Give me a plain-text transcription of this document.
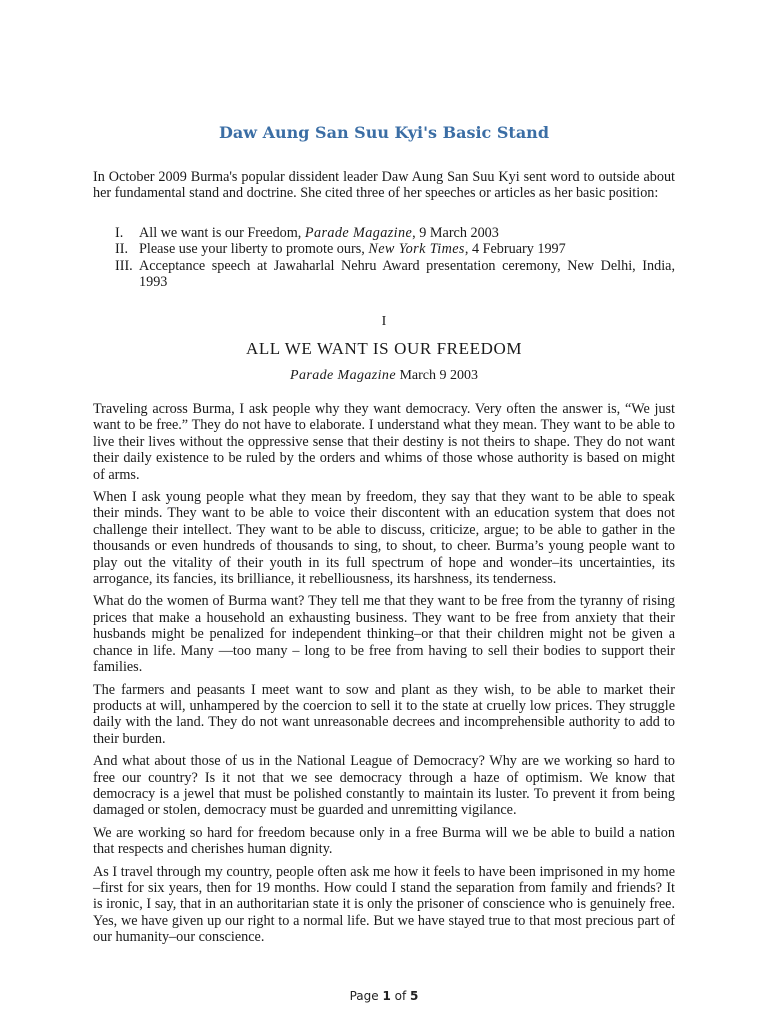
Daw Aung San Suu Kyi's Basic Stand
In October 2009 Burma's popular dissident leader Daw Aung San Suu Kyi sent word to outside about her fundamental stand and doctrine. She cited three of her speeches or articles as her basic position:
I.	All we want is our Freedom, Parade Magazine, 9 March 2003
II. Please use your liberty to promote ours, New York Times, 4 February 1997
III. Acceptance speech at Jawaharlal Nehru Award presentation ceremony, New Delhi, India, 1993
I
ALL WE WANT IS OUR FREEDOM
Parade Magazine March 9 2003

Traveling across Burma, I ask people why they want democracy. Very often the answer is, “We just want to be free.” They do not have to elaborate. I understand what they mean. They want to be able to live their lives without the oppressive sense that their destiny is not theirs to shape. They do not want their daily existence to be ruled by the orders and whims of those whose authority is based on might of arms.

When I ask young people what they mean by freedom, they say that they want to be able to speak their minds. They want to be able to voice their discontent with an education system that does not challenge their intellect. They want to be able to discuss, criticize, argue; to be able to gather in the thousands or even hundreds of thousands to sing, to shout, to cheer. Burma’s young people want to play out the vitality of their youth in its full spectrum of hope and wonder–its uncertainties, its arrogance, its fancies, its brilliance, it rebelliousness, its harshness, its tenderness.

What do the women of Burma want? They tell me that they want to be free from the tyranny of rising prices that make a household an exhausting business. They want to be free from anxiety that their husbands might be penalized for independent thinking–or that their children might not be given a chance in life. Many —too many – long to be free from having to sell their bodies to support their families.

The farmers and peasants I meet want to sow and plant as they wish, to be able to market their products at will, unhampered by the coercion to sell it to the state at cruelly low prices. They struggle daily with the land. They do not want unreasonable decrees and incomprehensible authority to add to their burden.

And what about those of us in the National League of Democracy? Why are we working so hard to free our country? Is it not that we see democracy through a haze of optimism. We know that democracy is a jewel that must be polished constantly to maintain its luster. To prevent it from being damaged or stolen, democracy must be guarded and unremitting vigilance.

We are working so hard for freedom because only in a free Burma will we be able to build a nation that respects and cherishes human dignity.

As I travel through my country, people often ask me how it feels to have been imprisoned in my home –first for six years, then for 19 months. How could I stand the separation from family and friends? It is ironic, I say, that in an authoritarian state it is only the prisoner of conscience who is genuinely free. Yes, we have given up our right to a normal life. But we have stayed true to that most precious part of our humanity–our conscience.

Page 1 of 5
